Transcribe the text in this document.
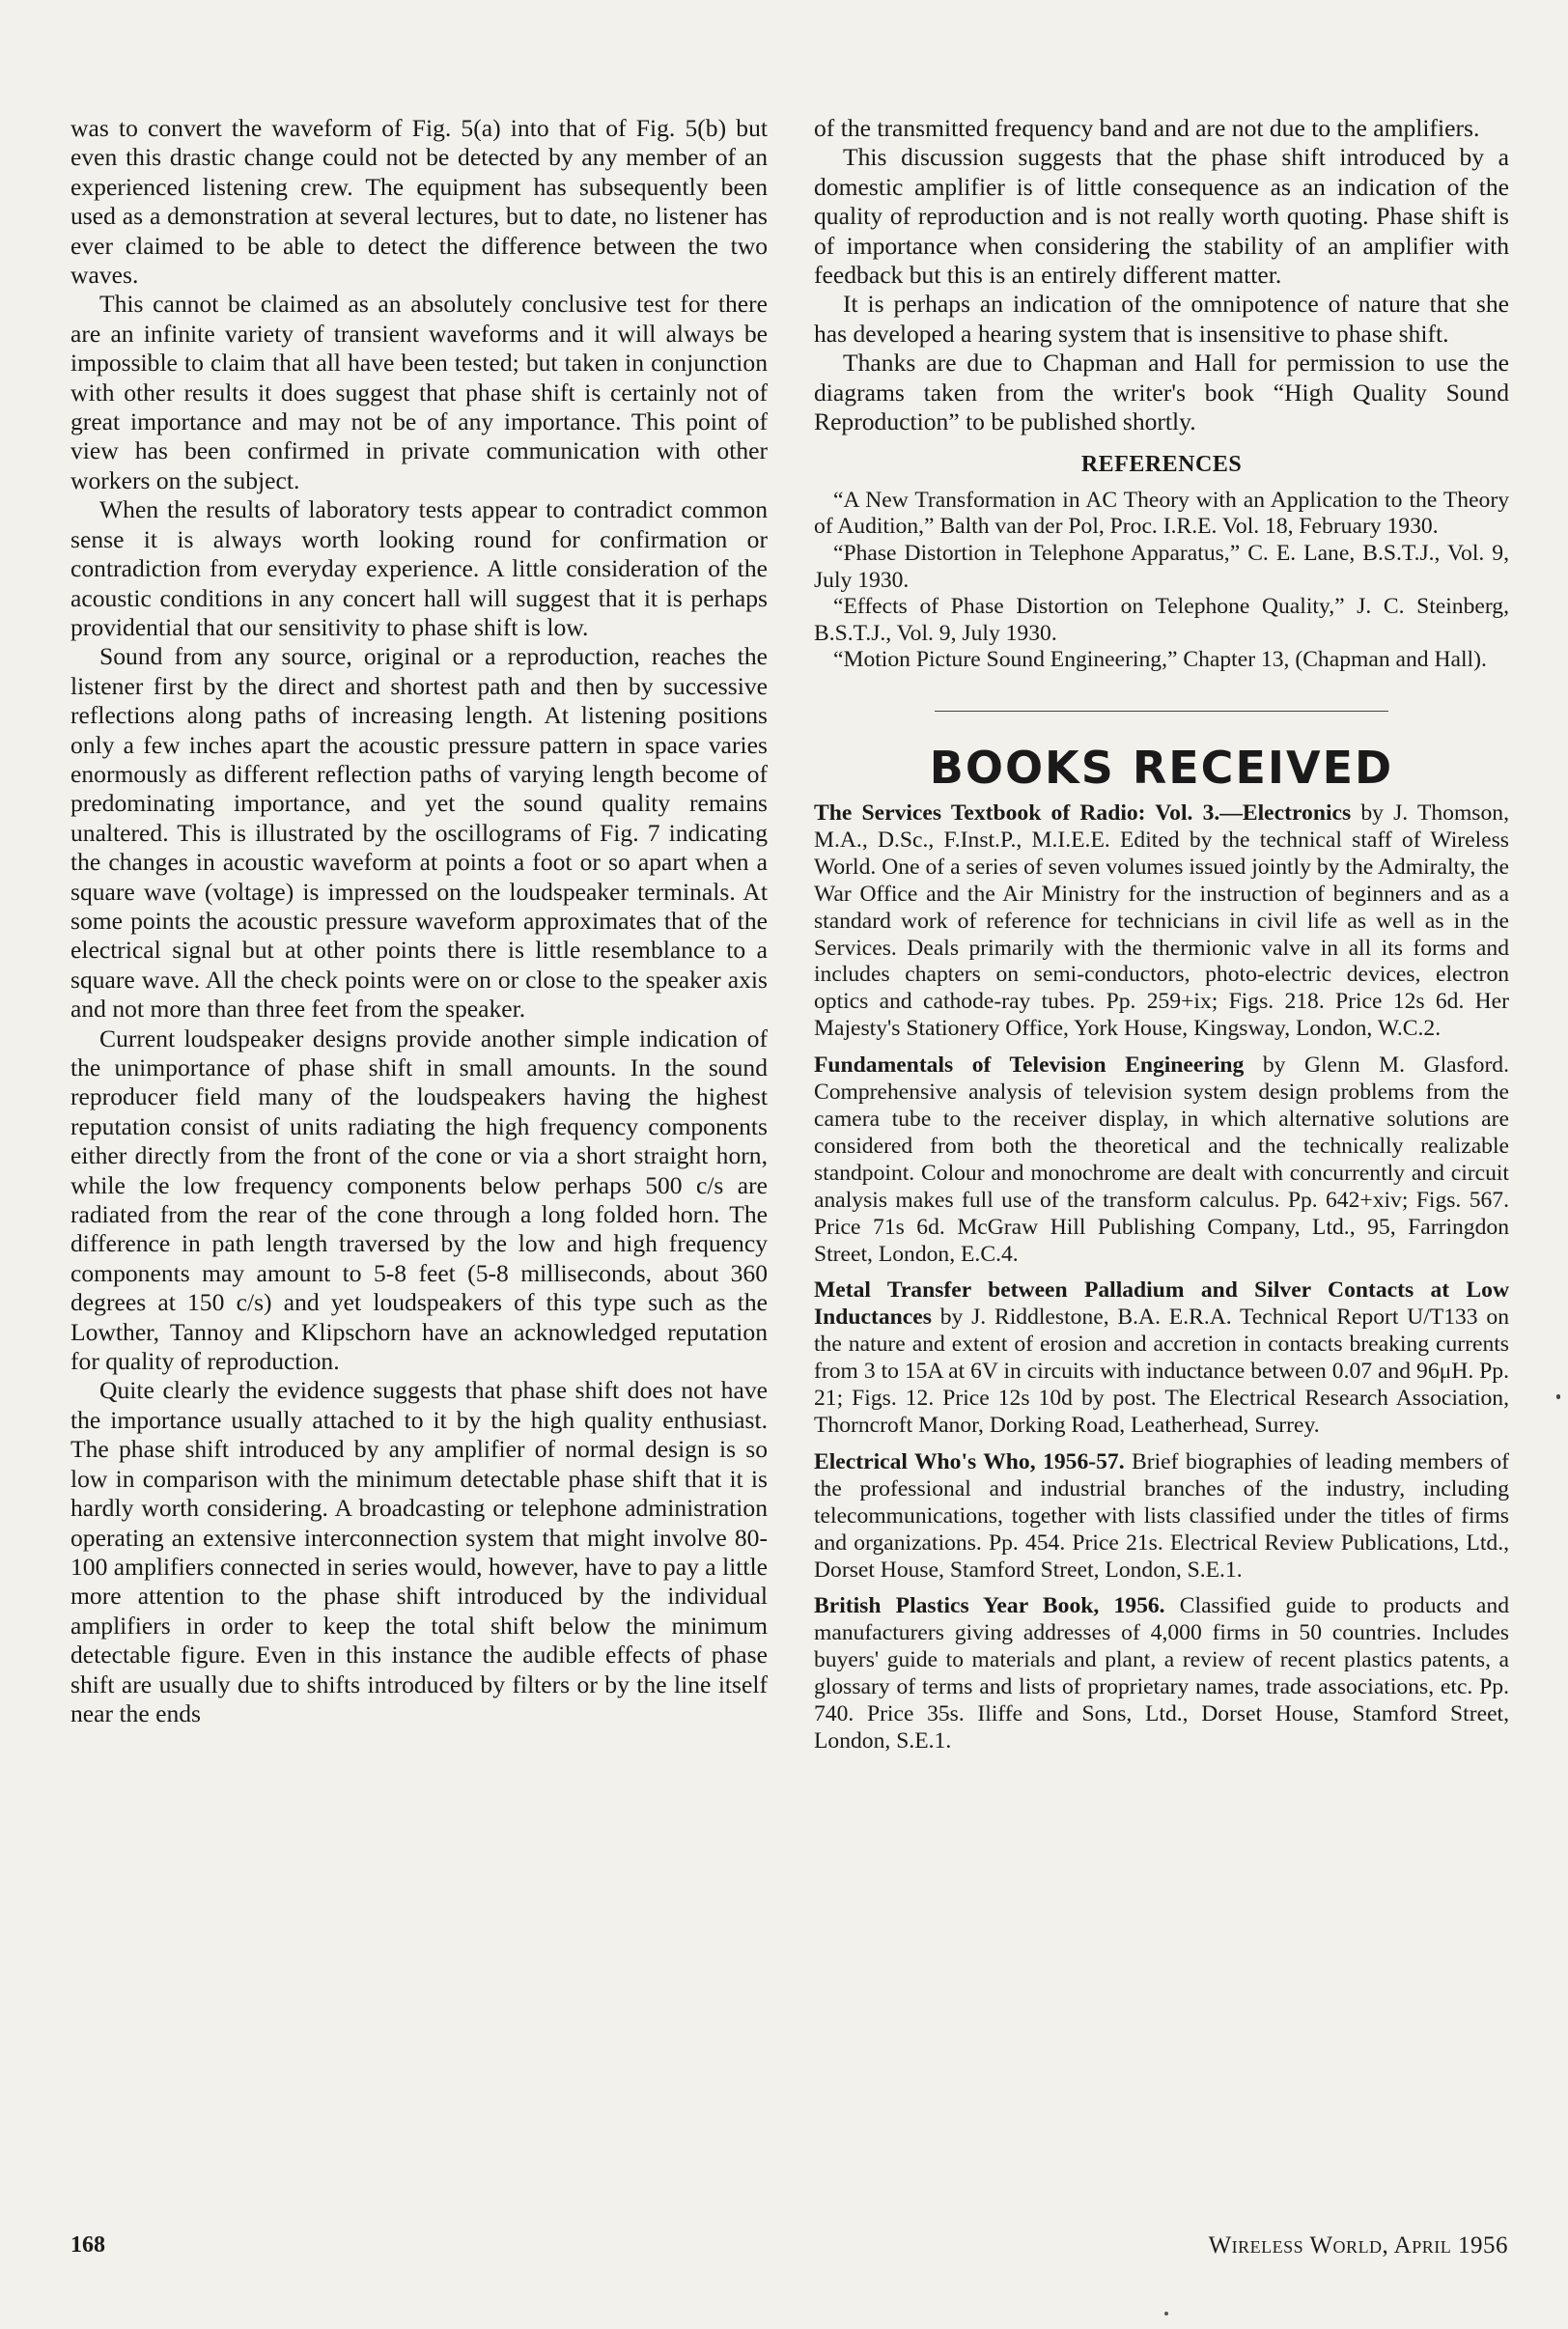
was to convert the waveform of Fig. 5(a) into that of Fig. 5(b) but even this drastic change could not be detected by any member of an experienced listening crew. The equipment has subsequently been used as a demonstration at several lectures, but to date, no listener has ever claimed to be able to detect the difference between the two waves.

This cannot be claimed as an absolutely conclusive test for there are an infinite variety of transient waveforms and it will always be impossible to claim that all have been tested; but taken in conjunction with other results it does suggest that phase shift is certainly not of great importance and may not be of any importance. This point of view has been confirmed in private communication with other workers on the subject.

When the results of laboratory tests appear to contradict common sense it is always worth looking round for confirmation or contradiction from everyday experience. A little consideration of the acoustic conditions in any concert hall will suggest that it is perhaps providential that our sensitivity to phase shift is low.

Sound from any source, original or a reproduction, reaches the listener first by the direct and shortest path and then by successive reflections along paths of increasing length. At listening positions only a few inches apart the acoustic pressure pattern in space varies enormously as different reflection paths of varying length become of predominating importance, and yet the sound quality remains unaltered. This is illustrated by the oscillograms of Fig. 7 indicating the changes in acoustic waveform at points a foot or so apart when a square wave (voltage) is impressed on the loudspeaker terminals. At some points the acoustic pressure waveform approximates that of the electrical signal but at other points there is little resemblance to a square wave. All the check points were on or close to the speaker axis and not more than three feet from the speaker.

Current loudspeaker designs provide another simple indication of the unimportance of phase shift in small amounts. In the sound reproducer field many of the loudspeakers having the highest reputation consist of units radiating the high frequency components either directly from the front of the cone or via a short straight horn, while the low frequency components below perhaps 500 c/s are radiated from the rear of the cone through a long folded horn. The difference in path length traversed by the low and high frequency components may amount to 5-8 feet (5-8 milliseconds, about 360 degrees at 150 c/s) and yet loudspeakers of this type such as the Lowther, Tannoy and Klipschorn have an acknowledged reputation for quality of reproduction.

Quite clearly the evidence suggests that phase shift does not have the importance usually attached to it by the high quality enthusiast. The phase shift introduced by any amplifier of normal design is so low in comparison with the minimum detectable phase shift that it is hardly worth considering. A broadcasting or telephone administration operating an extensive interconnection system that might involve 80-100 amplifiers connected in series would, however, have to pay a little more attention to the phase shift introduced by the individual amplifiers in order to keep the total shift below the minimum detectable figure. Even in this instance the audible effects of phase shift are usually due to shifts introduced by filters or by the line itself near the ends

of the transmitted frequency band and are not due to the amplifiers.

This discussion suggests that the phase shift introduced by a domestic amplifier is of little consequence as an indication of the quality of reproduction and is not really worth quoting. Phase shift is of importance when considering the stability of an amplifier with feedback but this is an entirely different matter.

It is perhaps an indication of the omnipotence of nature that she has developed a hearing system that is insensitive to phase shift.

Thanks are due to Chapman and Hall for permission to use the diagrams taken from the writer's book “High Quality Sound Reproduction” to be published shortly.

REFERENCES

“A New Transformation in AC Theory with an Application to the Theory of Audition,” Balth van der Pol, Proc. I.R.E. Vol. 18, February 1930.

“Phase Distortion in Telephone Apparatus,” C. E. Lane, B.S.T.J., Vol. 9, July 1930.

“Effects of Phase Distortion on Telephone Quality,” J. C. Steinberg, B.S.T.J., Vol. 9, July 1930.

“Motion Picture Sound Engineering,” Chapter 13, (Chapman and Hall).

BOOKS RECEIVED

The Services Textbook of Radio: Vol. 3.—Electronics by J. Thomson, M.A., D.Sc., F.Inst.P., M.I.E.E. Edited by the technical staff of Wireless World. One of a series of seven volumes issued jointly by the Admiralty, the War Office and the Air Ministry for the instruction of beginners and as a standard work of reference for technicians in civil life as well as in the Services. Deals primarily with the thermionic valve in all its forms and includes chapters on semi-conductors, photo-electric devices, electron optics and cathode-ray tubes. Pp. 259+ix; Figs. 218. Price 12s 6d. Her Majesty's Stationery Office, York House, Kingsway, London, W.C.2.

Fundamentals of Television Engineering by Glenn M. Glasford. Comprehensive analysis of television system design problems from the camera tube to the receiver display, in which alternative solutions are considered from both the theoretical and the technically realizable standpoint. Colour and monochrome are dealt with concurrently and circuit analysis makes full use of the transform calculus. Pp. 642+xiv; Figs. 567. Price 71s 6d. McGraw Hill Publishing Company, Ltd., 95, Farringdon Street, London, E.C.4.

Metal Transfer between Palladium and Silver Contacts at Low Inductances by J. Riddlestone, B.A. E.R.A. Technical Report U/T133 on the nature and extent of erosion and accretion in contacts breaking currents from 3 to 15A at 6V in circuits with inductance between 0.07 and 96μH. Pp. 21; Figs. 12. Price 12s 10d by post. The Electrical Research Association, Thorncroft Manor, Dorking Road, Leatherhead, Surrey.

Electrical Who's Who, 1956-57. Brief biographies of leading members of the professional and industrial branches of the industry, including telecommunications, together with lists classified under the titles of firms and organizations. Pp. 454. Price 21s. Electrical Review Publications, Ltd., Dorset House, Stamford Street, London, S.E.1.

British Plastics Year Book, 1956. Classified guide to products and manufacturers giving addresses of 4,000 firms in 50 countries. Includes buyers' guide to materials and plant, a review of recent plastics patents, a glossary of terms and lists of proprietary names, trade associations, etc. Pp. 740. Price 35s. Iliffe and Sons, Ltd., Dorset House, Stamford Street, London, S.E.1.

168	Wireless World, April 1956
